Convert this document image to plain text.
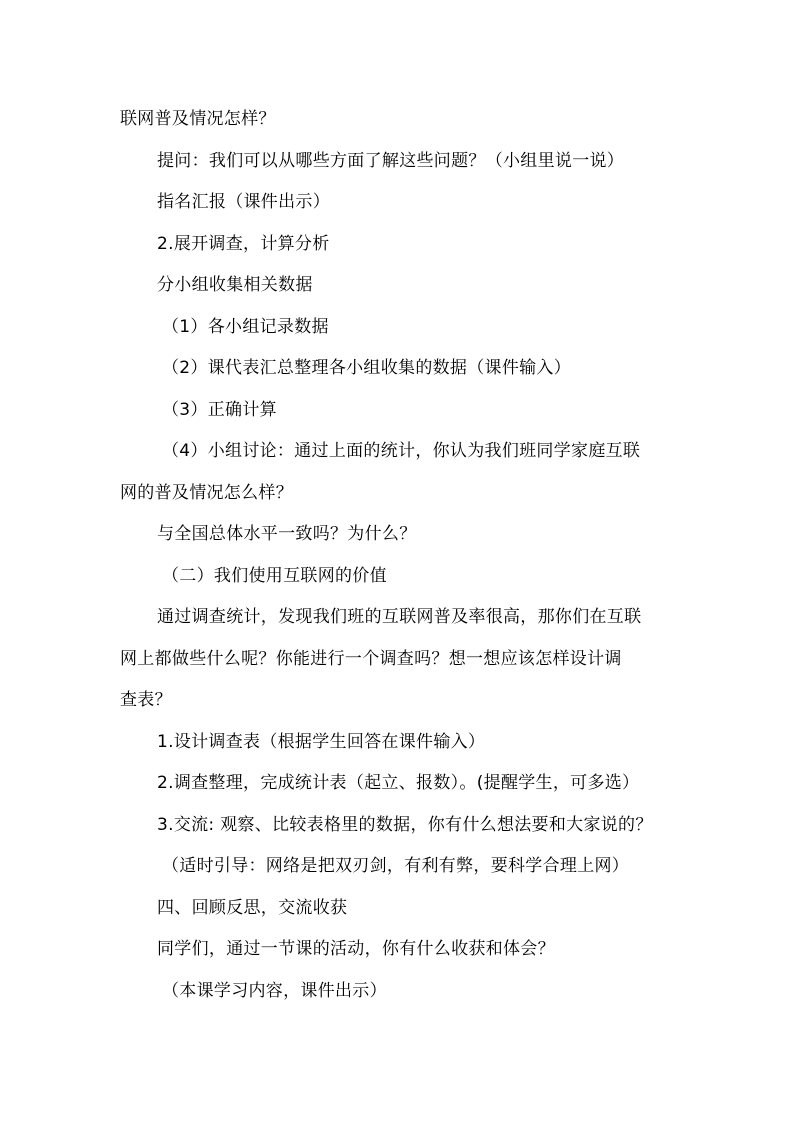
联网普及情况怎样？
提问：我们可以从哪些方面了解这些问题？（小组里说一说）
指名汇报（课件出示）
2.展开调查，计算分析
分小组收集相关数据
（1）各小组记录数据
（2）课代表汇总整理各小组收集的数据（课件输入）
（3）正确计算
（4）小组讨论：通过上面的统计，你认为我们班同学家庭互联
网的普及情况怎么样？
与全国总体水平一致吗？为什么？
（二）我们使用互联网的价值
通过调查统计，发现我们班的互联网普及率很高，那你们在互联
网上都做些什么呢？你能进行一个调查吗？想一想应该怎样设计调
查表？
1.设计调查表（根据学生回答在课件输入）
2.调查整理，完成统计表（起立、报数）。(提醒学生，可多选）
3.交流: 观察、比较表格里的数据，你有什么想法要和大家说的？
（适时引导：网络是把双刃剑，有利有弊，要科学合理上网）
四、回顾反思，交流收获
同学们，通过一节课的活动，你有什么收获和体会？
（本课学习内容，课件出示）
